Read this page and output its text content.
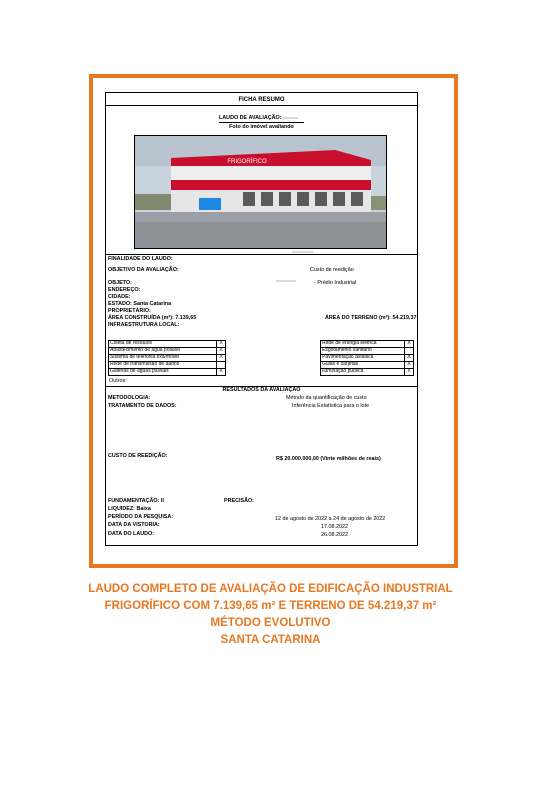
FICHA RESUMO
LAUDO DE AVALIAÇÃO:
Foto do imóvel avaliando
FRIGORÍFICO
FINALIDADE DO LAUDO:
OBJETIVO DA AVALIAÇÃO:	Custo de reedição
OBJETO:	· Prédio Industrial
ENDEREÇO:
CIDADE:
ESTADO: Santa Catarina
PROPRIETÁRIO:
ÁREA CONSTRUÍDA (m²): 7.139,65	ÁREA DO TERRENO (m²): 54.219,37
INFRAESTRUTURA LOCAL:
Coleta de resíduos	X
Abastecimento de água potável	X
Sistema de telefonia fixa/móvel	X
Rede de transmissão de dados
Galerias de águas pluviais	X
Rede de energia elétrica	X
Esgotamento sanitário
Pavimentação asfáltica	X
Guias e sarjetas	X
Iluminação pública	X
Outros:
RESULTADOS DA AVALIAÇÃO
METODOLOGIA:	Método da quantificação de custo
TRATAMENTO DE DADOS:	Inferência Estatística para o lote
CUSTO DE REEDIÇÃO:	R$ 20.000.000,00 (Vinte milhões de reais)
FUNDAMENTAÇÃO: II	PRECISÃO:
LIQUIDEZ: Baixa
PERÍODO DA PESQUISA:	12 de agosto de 2022 a 24 de agosto de 2022
DATA DA VISTORIA:	17.08.2022
DATA DO LAUDO:	26.08.2022
LAUDO COMPLETO DE AVALIAÇÃO DE EDIFICAÇÃO INDUSTRIAL
FRIGORÍFICO COM 7.139,65 m² E TERRENO DE 54.219,37 m²
MÉTODO EVOLUTIVO
SANTA CATARINA
